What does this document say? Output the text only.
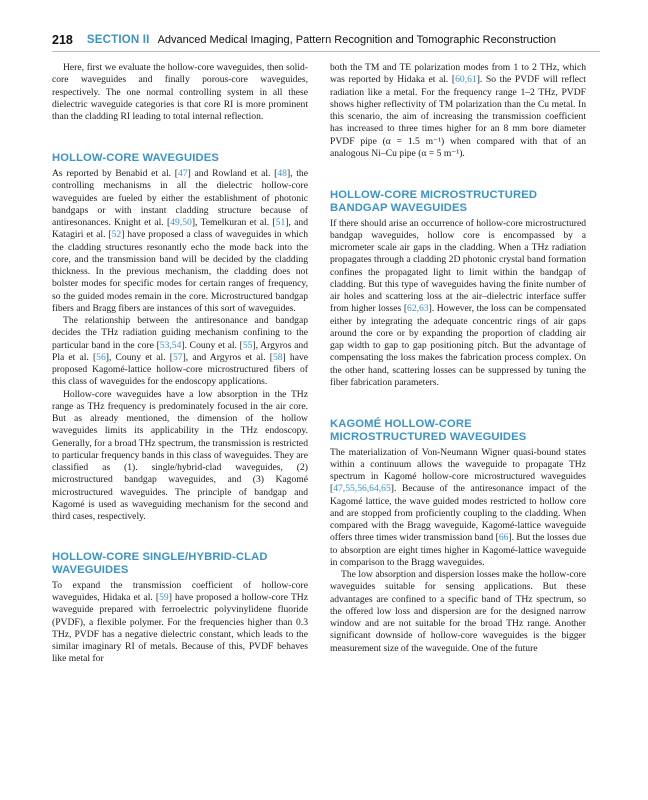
218 SECTION II Advanced Medical Imaging, Pattern Recognition and Tomographic Reconstruction

Here, first we evaluate the hollow-core waveguides, then solid-core waveguides and finally porous-core waveguides, respectively. The one normal controlling system in all these dielectric waveguide categories is that core RI is more prominent than the cladding RI leading to total internal reflection.

HOLLOW-CORE WAVEGUIDES

As reported by Benabid et al. [47] and Rowland et al. [48], the controlling mechanisms in all the dielectric hollow-core waveguides are fueled by either the establishment of photonic bandgaps or with instant cladding structure because of antiresonances. Knight et al. [49,50], Temelkuran et al. [51], and Katagiri et al. [52] have proposed a class of waveguides in which the cladding structures resonantly echo the mode back into the core, and the transmission band will be decided by the cladding thickness. In the previous mechanism, the cladding does not bolster modes for specific modes for certain ranges of frequency, so the guided modes remain in the core. Microstructured bandgap fibers and Bragg fibers are instances of this sort of waveguides.

The relationship between the antiresonance and bandgap decides the THz radiation guiding mechanism confining to the particular band in the core [53,54]. Couny et al. [55], Argyros and Pla et al. [56], Couny et al. [57], and Argyros et al. [58] have proposed Kagomé-lattice hollow-core microstructured fibers of this class of waveguides for the endoscopy applications.

Hollow-core waveguides have a low absorption in the THz range as THz frequency is predominately focused in the air core. But as already mentioned, the dimension of the hollow waveguides limits its applicability in the THz endoscopy. Generally, for a broad THz spectrum, the transmission is restricted to particular frequency bands in this class of waveguides. They are classified as (1). single/hybrid-clad waveguides, (2) microstructured bandgap waveguides, and (3) Kagomé microstructured waveguides. The principle of bandgap and Kagomé is used as waveguiding mechanism for the second and third cases, respectively.

HOLLOW-CORE SINGLE/HYBRID-CLAD WAVEGUIDES

To expand the transmission coefficient of hollow-core waveguides, Hidaka et al. [59] have proposed a hollow-core THz waveguide prepared with ferroelectric polyvinylidene fluoride (PVDF), a flexible polymer. For the frequencies higher than 0.3 THz, PVDF has a negative dielectric constant, which leads to the similar imaginary RI of metals. Because of this, PVDF behaves like metal for

both the TM and TE polarization modes from 1 to 2 THz, which was reported by Hidaka et al. [60,61]. So the PVDF will reflect radiation like a metal. For the frequency range 1–2 THz, PVDF shows higher reflectivity of TM polarization than the Cu metal. In this scenario, the aim of increasing the transmission coefficient has increased to three times higher for an 8 mm bore diameter PVDF pipe (α = 1.5 m⁻¹) when compared with that of an analogous Ni–Cu pipe (α = 5 m⁻¹).

HOLLOW-CORE MICROSTRUCTURED BANDGAP WAVEGUIDES

If there should arise an occurrence of hollow-core microstructured bandgap waveguides, hollow core is encompassed by a micrometer scale air gaps in the cladding. When a THz radiation propagates through a cladding 2D photonic crystal band formation confines the propagated light to limit within the bandgap of cladding. But this type of waveguides having the finite number of air holes and scattering loss at the air–dielectric interface suffer from higher losses [62,63]. However, the loss can be compensated either by integrating the adequate concentric rings of air gaps around the core or by expanding the proportion of cladding air gap width to gap to gap positioning pitch. But the advantage of compensating the loss makes the fabrication process complex. On the other hand, scattering losses can be suppressed by tuning the fiber fabrication parameters.

KAGOMÉ HOLLOW-CORE MICROSTRUCTURED WAVEGUIDES

The materialization of Von-Neumann Wigner quasi-bound states within a continuum allows the waveguide to propagate THz spectrum in Kagomé hollow-core microstructured waveguides [47,55,56,64,65]. Because of the antiresonance impact of the Kagomé lattice, the wave guided modes restricted to hollow core and are stopped from proficiently coupling to the cladding. When compared with the Bragg waveguide, Kagomé-lattice waveguide offers three times wider transmission band [66]. But the losses due to absorption are eight times higher in Kagomé-lattice waveguide in comparison to the Bragg waveguides.

The low absorption and dispersion losses make the hollow-core waveguides suitable for sensing applications. But these advantages are confined to a specific band of THz spectrum, so the offered low loss and dispersion are for the designed narrow window and are not suitable for the broad THz range. Another significant downside of hollow-core waveguides is the bigger measurement size of the waveguide. One of the future
